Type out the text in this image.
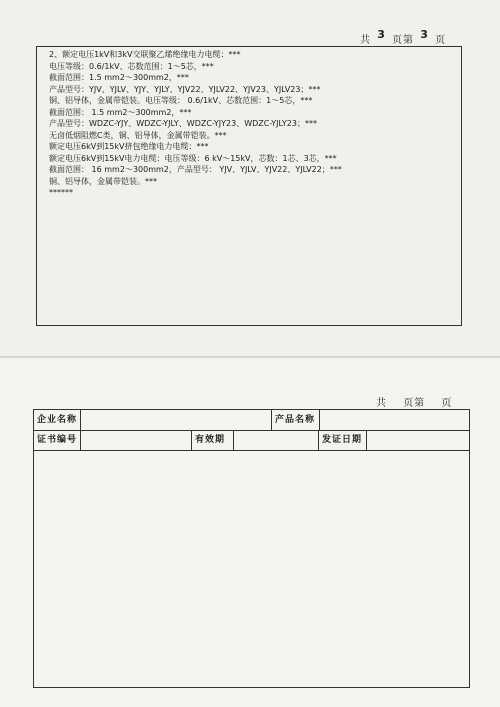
共 3 页第 3 页
2、额定电压1kV和3kV交联聚乙烯绝缘电力电缆：***
电压等级：0.6/1kV、芯数范围：1～5芯，***
截面范围：1.5 mm2～300mm2，***
产品型号：YJV、YJLV、YJY、YJLY、YJV22、YJLV22、YJV23、YJLV23；***
铜、铝导体，金属带铠装。电压等级： 0.6/1kV、芯数范围：1～5芯，***
截面范围： 1.5 mm2～300mm2，***
产品型号：WDZC-YJY、WDZC-YJLY、WDZC-YJY23、WDZC-YJLY23；***
无卤低烟阻燃C类，铜、铝导体，金属带铠装。***
额定电压6kV到15kV挤包绝缘电力电缆：***
额定电压6kV到15kV电力电缆：电压等级：6 kV～15kV，芯数：1芯、3芯，***
截面范围： 16 mm2～300mm2，产品型号： YJV、YJLV、YJV22、YJLV22；***
铜、铝导体，金属带铠装。***
******
共 页第 页
企业名称	产品名称
证书编号	有效期	发证日期
